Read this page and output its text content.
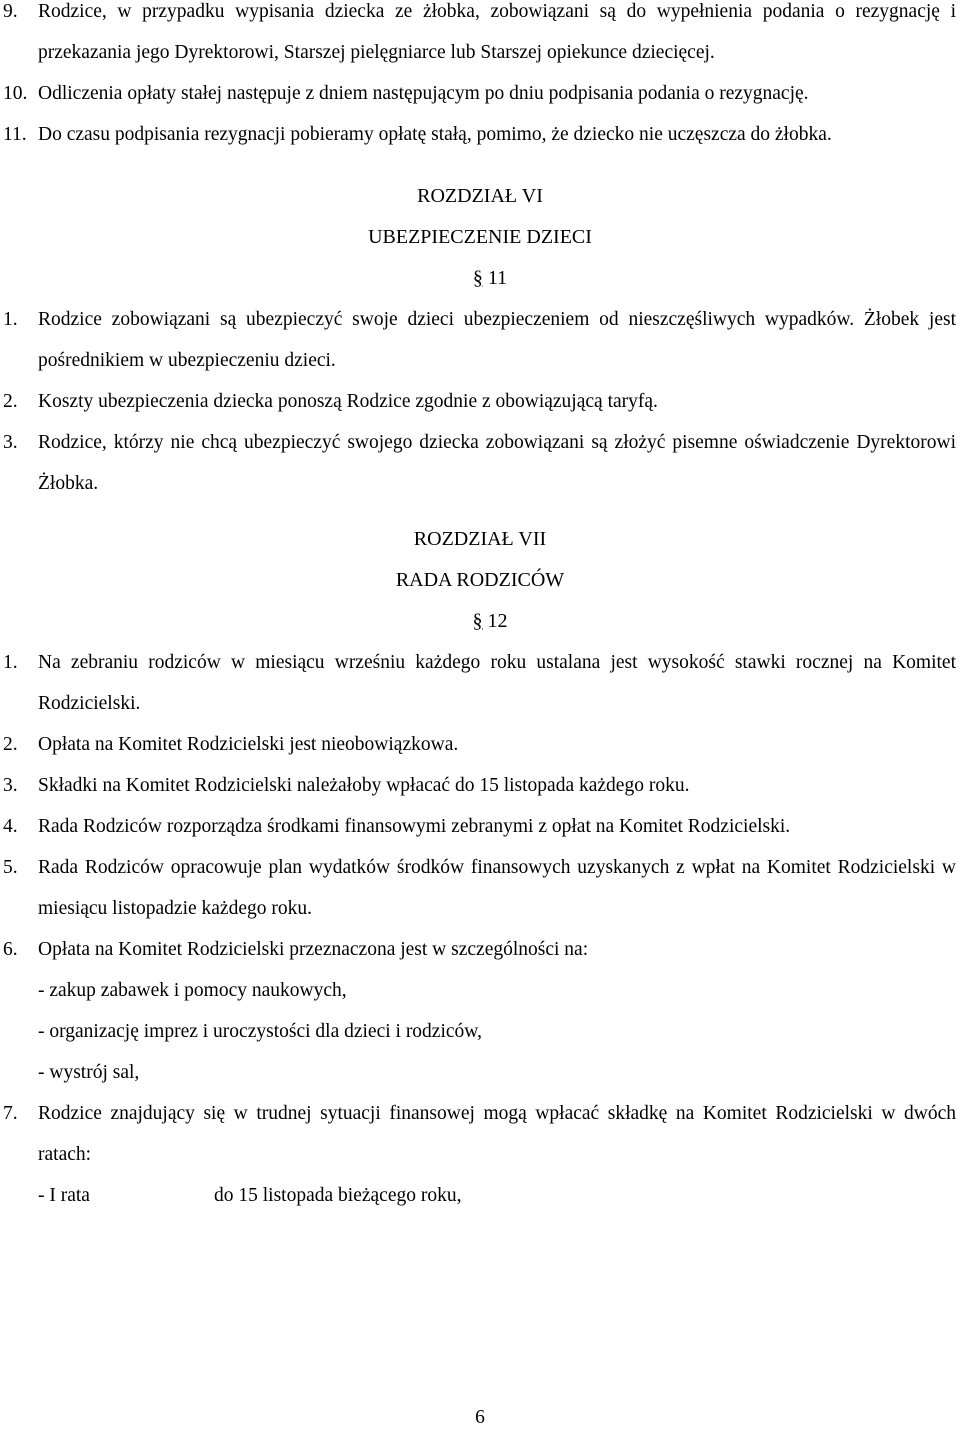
9. Rodzice, w przypadku wypisania dziecka ze żłobka, zobowiązani są do wypełnienia podania o rezygnację i przekazania jego Dyrektorowi, Starszej pielęgniarce lub Starszej opiekunce dziecięcej.
10. Odliczenia opłaty stałej następuje z dniem następującym po dniu podpisania podania o rezygnację.
11. Do czasu podpisania rezygnacji pobieramy opłatę stałą, pomimo, że dziecko nie uczęszcza do żłobka.
ROZDZIAŁ VI
UBEZPIECZENIE DZIECI
§ 11
1. Rodzice zobowiązani są ubezpieczyć swoje dzieci ubezpieczeniem od nieszczęśliwych wypadków. Żłobek jest pośrednikiem w ubezpieczeniu dzieci.
2. Koszty ubezpieczenia dziecka ponoszą Rodzice zgodnie z obowiązującą taryfą.
3. Rodzice, którzy nie chcą ubezpieczyć swojego dziecka zobowiązani są złożyć pisemne oświadczenie Dyrektorowi Żłobka.
ROZDZIAŁ VII
RADA RODZICÓW
§ 12
1. Na zebraniu rodziców w miesiącu wrześniu każdego roku ustalana jest wysokość stawki rocznej na Komitet Rodzicielski.
2. Opłata na Komitet Rodzicielski jest nieobowiązkowa.
3. Składki na Komitet Rodzicielski należałoby wpłacać do 15 listopada każdego roku.
4. Rada Rodziców rozporządza środkami finansowymi zebranymi z opłat na Komitet Rodzicielski.
5. Rada Rodziców opracowuje plan wydatków środków finansowych uzyskanych z wpłat na Komitet Rodzicielski w miesiącu listopadzie każdego roku.
6. Opłata na Komitet Rodzicielski przeznaczona jest w szczególności na:
- zakup zabawek i pomocy naukowych,
- organizację imprez i uroczystości dla dzieci i rodziców,
- wystrój sal,
7. Rodzice znajdujący się w trudnej sytuacji finansowej mogą wpłacać składkę na Komitet Rodzicielski w dwóch ratach:
- I rata	do 15 listopada bieżącego roku,
6
